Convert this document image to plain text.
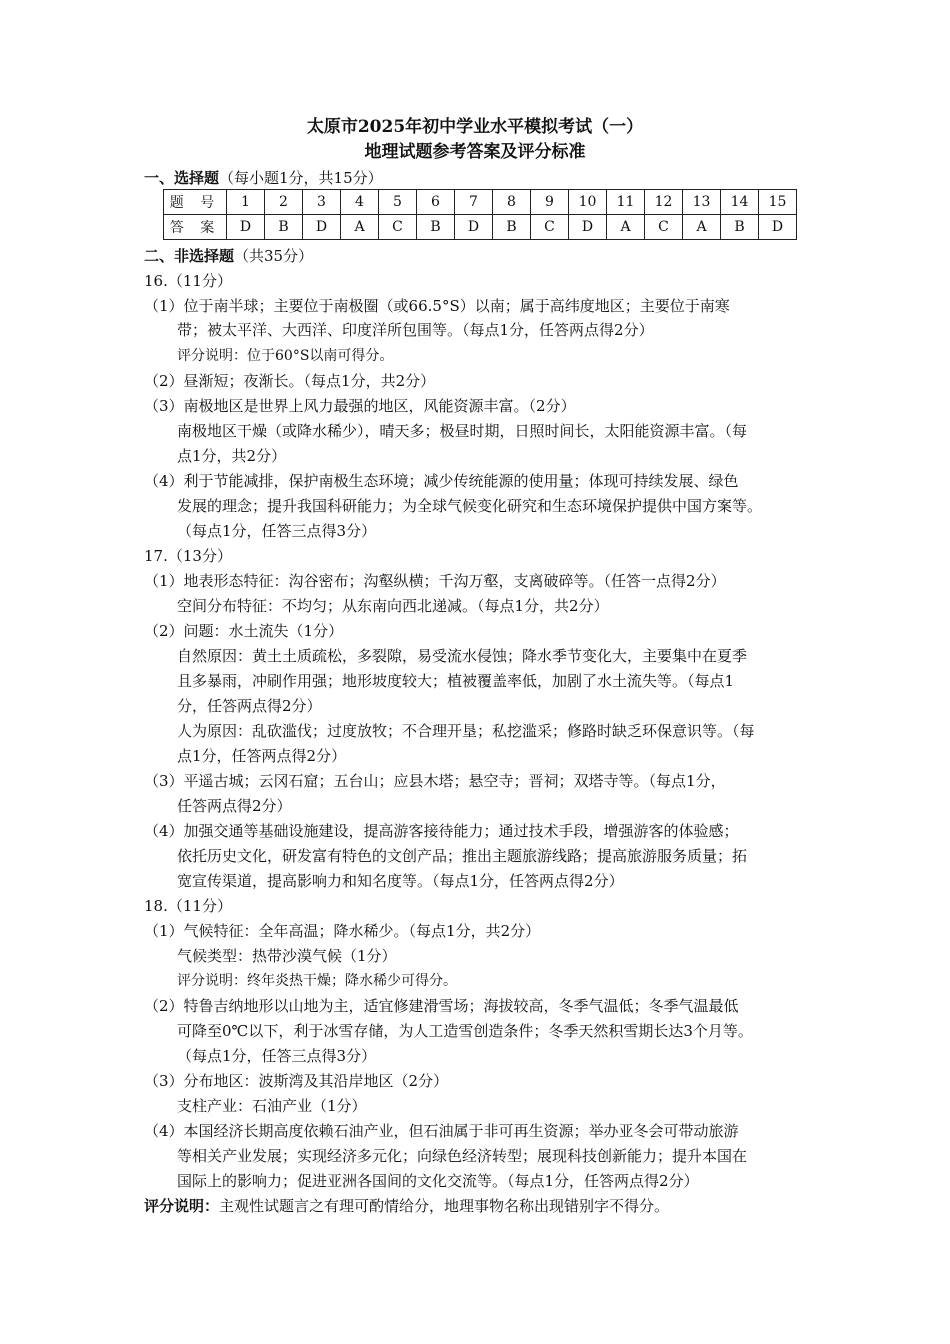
太原市2025年初中学业水平模拟考试（一）
地理试题参考答案及评分标准
一、选择题（每小题1分，共15分）
题 号	1	2	3	4	5	6	7	8	9	10	11	12	13	14	15
答 案	D	B	D	A	C	B	D	B	C	D	A	C	A	B	D
二、非选择题（共35分）
16.（11分）
（1）位于南半球；主要位于南极圈（或66.5°S）以南；属于高纬度地区；主要位于南寒
带；被太平洋、大西洋、印度洋所包围等。（每点1分，任答两点得2分）
评分说明：位于60°S以南可得分。
（2）昼渐短；夜渐长。（每点1分，共2分）
（3）南极地区是世界上风力最强的地区，风能资源丰富。（2分）
南极地区干燥（或降水稀少），晴天多；极昼时期，日照时间长，太阳能资源丰富。（每
点1分，共2分）
（4）利于节能减排，保护南极生态环境；减少传统能源的使用量；体现可持续发展、绿色
发展的理念；提升我国科研能力；为全球气候变化研究和生态环境保护提供中国方案等。
（每点1分，任答三点得3分）
17.（13分）
（1）地表形态特征：沟谷密布；沟壑纵横；千沟万壑，支离破碎等。（任答一点得2分）
空间分布特征：不均匀；从东南向西北递减。（每点1分，共2分）
（2）问题：水土流失（1分）
自然原因：黄土土质疏松，多裂隙，易受流水侵蚀；降水季节变化大，主要集中在夏季
且多暴雨，冲刷作用强；地形坡度较大；植被覆盖率低，加剧了水土流失等。（每点1
分，任答两点得2分）
人为原因：乱砍滥伐；过度放牧；不合理开垦；私挖滥采；修路时缺乏环保意识等。（每
点1分，任答两点得2分）
（3）平遥古城；云冈石窟；五台山；应县木塔；悬空寺；晋祠；双塔寺等。（每点1分，
任答两点得2分）
（4）加强交通等基础设施建设，提高游客接待能力；通过技术手段，增强游客的体验感；
依托历史文化，研发富有特色的文创产品；推出主题旅游线路；提高旅游服务质量；拓
宽宣传渠道，提高影响力和知名度等。（每点1分，任答两点得2分）
18.（11分）
（1）气候特征：全年高温；降水稀少。（每点1分，共2分）
气候类型：热带沙漠气候（1分）
评分说明：终年炎热干燥；降水稀少可得分。
（2）特鲁吉纳地形以山地为主，适宜修建滑雪场；海拔较高，冬季气温低；冬季气温最低
可降至0℃以下，利于冰雪存储，为人工造雪创造条件；冬季天然积雪期长达3个月等。
（每点1分，任答三点得3分）
（3）分布地区：波斯湾及其沿岸地区（2分）
支柱产业：石油产业（1分）
（4）本国经济长期高度依赖石油产业，但石油属于非可再生资源；举办亚冬会可带动旅游
等相关产业发展；实现经济多元化；向绿色经济转型；展现科技创新能力；提升本国在
国际上的影响力；促进亚洲各国间的文化交流等。（每点1分，任答两点得2分）
评分说明：主观性试题言之有理可酌情给分，地理事物名称出现错别字不得分。
